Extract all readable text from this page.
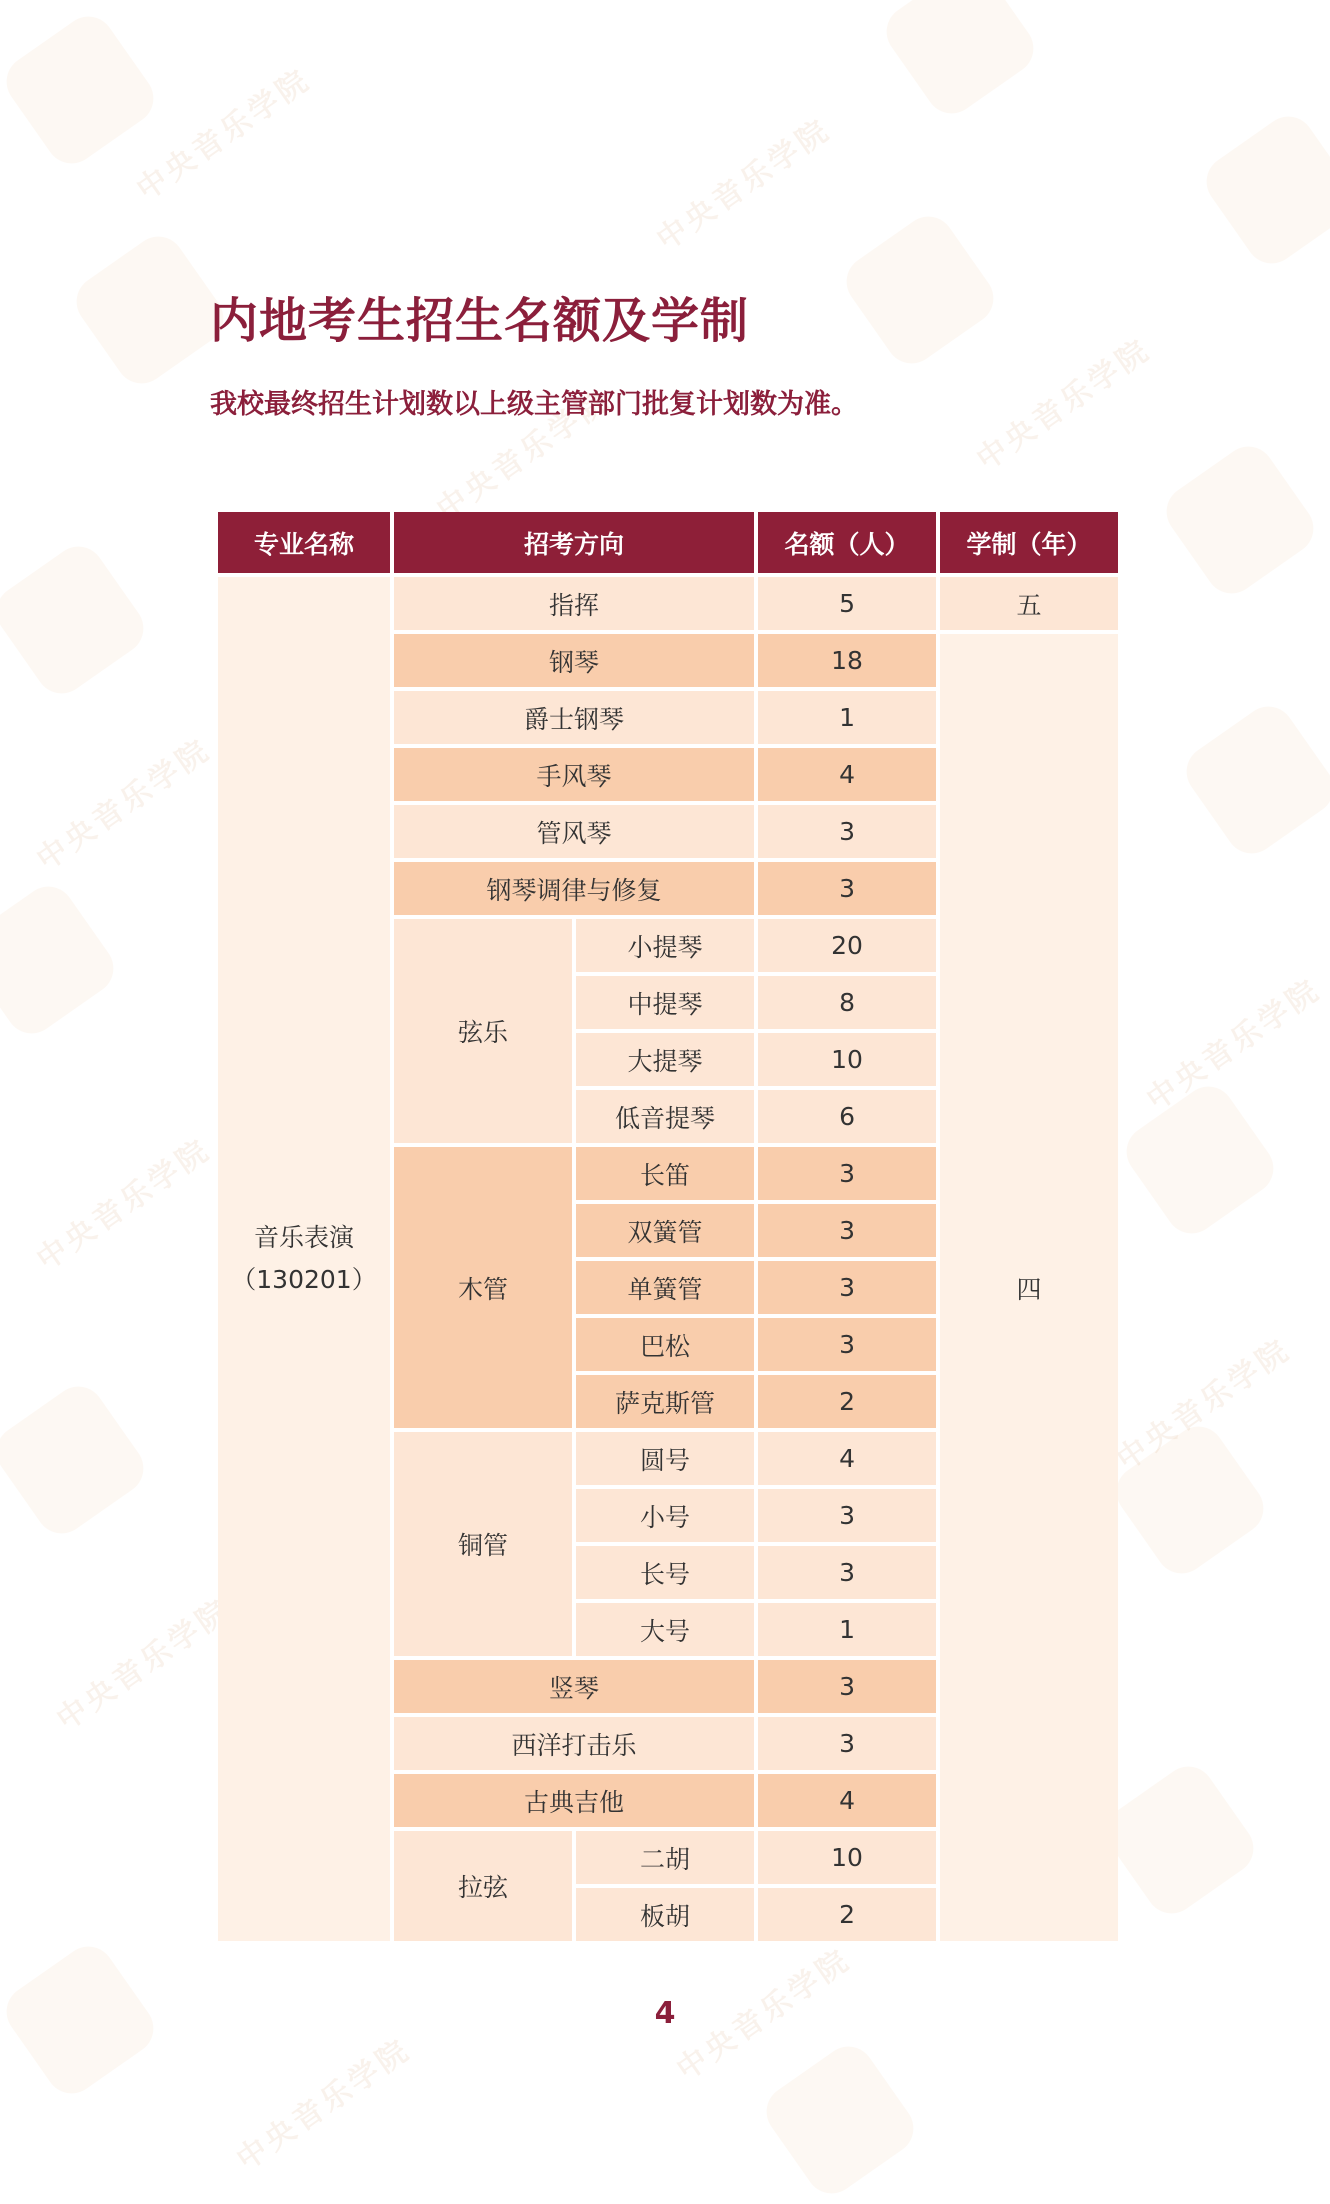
中央音乐学院	中央音乐学院
中央音乐学院	中央音乐学院
中央音乐学院
中央音乐学院
中央音乐学院
中央音乐学院
中央音乐学院
中央音乐学院
中央音乐学院
内地考生招生名额及学制
我校最终招生计划数以上级主管部门批复计划数为准。
专业名称	招考方向		名额（人）	学制（年）

音乐表演
（130201）	指挥		5	五
	钢琴		18	四
	爵士钢琴		1	
	手风琴		4	
	管风琴		3	
	钢琴调律与修复		3	
	弦乐	小提琴	20	
		中提琴	8	
		大提琴	10	
		低音提琴	6	
	木管	长笛	3	
		双簧管	3	
		单簧管	3	
		巴松	3	
		萨克斯管	2	
	铜管	圆号	4	
		小号	3	
		长号	3	
		大号	1	
	竖琴		3	
	西洋打击乐		3	
	古典吉他		4	
	拉弦	二胡	10	
		板胡	2	
4
